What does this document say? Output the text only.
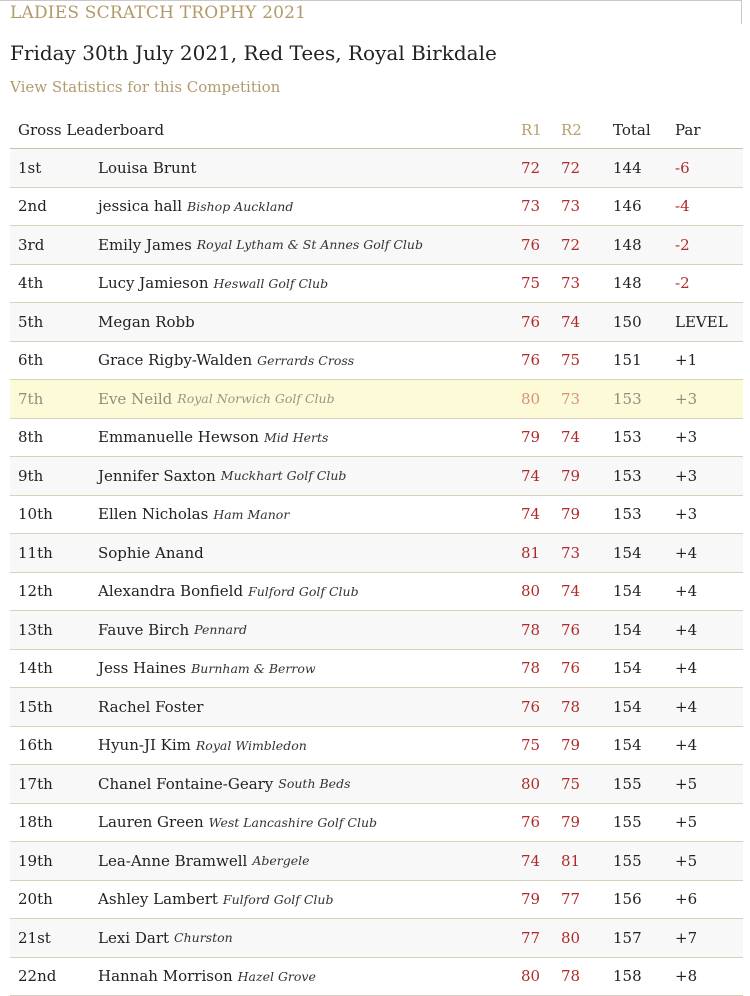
LADIES SCRATCH TROPHY 2021
Friday 30th July 2021, Red Tees, Royal Birkdale
View Statistics for this Competition
Gross Leaderboard	R1 R2 Total Par
1st	Louisa Brunt	72 72 144 -6
2nd	jessica hall Bishop Auckland	73 73 146 -4
3rd	Emily James Royal Lytham & St Annes Golf Club	76 72 148 -2
4th	Lucy Jamieson Heswall Golf Club	75 73 148 -2
5th	Megan Robb	76 74 150 LEVEL
6th	Grace Rigby-Walden Gerrards Cross	76 75 151 +1
7th	Eve Neild Royal Norwich Golf Club	80 73 153 +3
8th	Emmanuelle Hewson Mid Herts	79 74 153 +3
9th	Jennifer Saxton Muckhart Golf Club	74 79 153 +3
10th	Ellen Nicholas Ham Manor	74 79 153 +3
11th	Sophie Anand	81 73 154 +4
12th	Alexandra Bonfield Fulford Golf Club	80 74 154 +4
13th	Fauve Birch Pennard	78 76 154 +4
14th	Jess Haines Burnham & Berrow	78 76 154 +4
15th	Rachel Foster	76 78 154 +4
16th	Hyun-JI Kim Royal Wimbledon	75 79 154 +4
17th	Chanel Fontaine-Geary South Beds	80 75 155 +5
18th	Lauren Green West Lancashire Golf Club	76 79 155 +5
19th	Lea-Anne Bramwell Abergele	74 81 155 +5
20th	Ashley Lambert Fulford Golf Club	79 77 156 +6
21st	Lexi Dart Churston	77 80 157 +7
22nd	Hannah Morrison Hazel Grove	80 78 158 +8
